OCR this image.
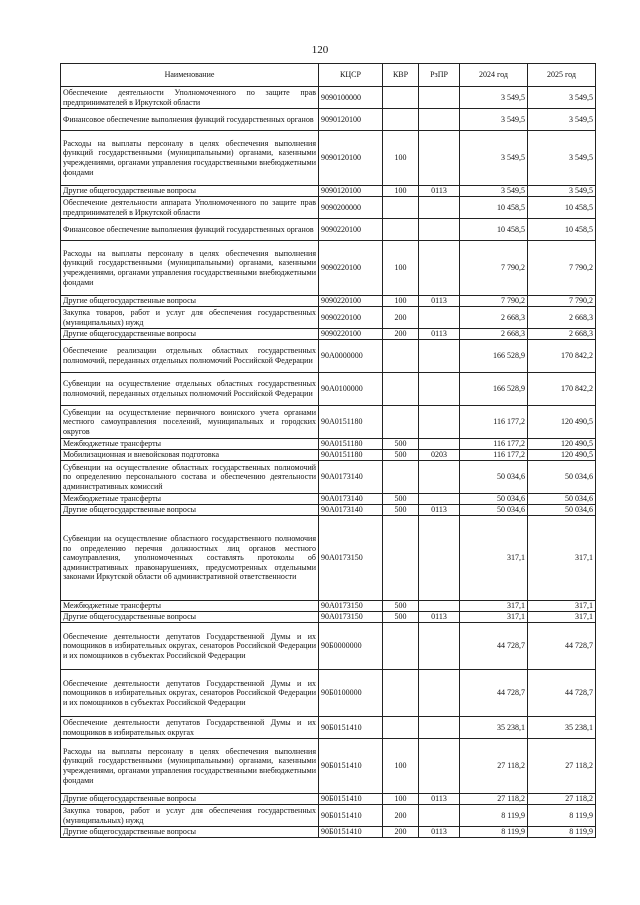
120
Наименование	КЦСР	КВР	РзПР	2024 год	2025 год
Обеспечение деятельности Уполномоченного по защите прав предпринимателей в Иркутской области	9090100000			3 549,5	3 549,5
Финансовое обеспечение выполнения функций государственных органов	9090120100			3 549,5	3 549,5
Расходы на выплаты персоналу в целях обеспечения выполнения функций государственными (муниципальными) органами, казенными учреждениями, органами управления государственными внебюджетными фондами	9090120100	100		3 549,5	3 549,5
Другие общегосударственные вопросы	9090120100	100	0113	3 549,5	3 549,5
Обеспечение деятельности аппарата Уполномоченного по защите прав предпринимателей в Иркутской области	9090200000			10 458,5	10 458,5
Финансовое обеспечение выполнения функций государственных органов	9090220100			10 458,5	10 458,5
Расходы на выплаты персоналу в целях обеспечения выполнения функций государственными (муниципальными) органами, казенными учреждениями, органами управления государственными внебюджетными фондами	9090220100	100		7 790,2	7 790,2
Другие общегосударственные вопросы	9090220100	100	0113	7 790,2	7 790,2
Закупка товаров, работ и услуг для обеспечения государственных (муниципальных) нужд	9090220100	200		2 668,3	2 668,3
Другие общегосударственные вопросы	9090220100	200	0113	2 668,3	2 668,3
Обеспечение реализации отдельных областных государственных полномочий, переданных отдельных полномочий Российской Федерации	90А0000000			166 528,9	170 842,2
Субвенции на осуществление отдельных областных государственных полномочий, переданных отдельных полномочий Российской Федерации	90А0100000			166 528,9	170 842,2
Субвенции на осуществление первичного воинского учета органами местного самоуправления поселений, муниципальных и городских округов	90А0151180			116 177,2	120 490,5
Межбюджетные трансферты	90А0151180	500		116 177,2	120 490,5
Мобилизационная и вневойсковая подготовка	90А0151180	500	0203	116 177,2	120 490,5
Субвенции на осуществление областных государственных полномочий по определению персонального состава и обеспечению деятельности административных комиссий	90А0173140			50 034,6	50 034,6
Межбюджетные трансферты	90А0173140	500		50 034,6	50 034,6
Другие общегосударственные вопросы	90А0173140	500	0113	50 034,6	50 034,6
Субвенции на осуществление областного государственного полномочия по определению перечня должностных лиц органов местного самоуправления, уполномоченных составлять протоколы об административных правонарушениях, предусмотренных отдельными законами Иркутской области об административной ответственности	90А0173150			317,1	317,1
Межбюджетные трансферты	90А0173150	500		317,1	317,1
Другие общегосударственные вопросы	90А0173150	500	0113	317,1	317,1
Обеспечение деятельности депутатов Государственной Думы и их помощников в избирательных округах, сенаторов Российской Федерации и их помощников в субъектах Российской Федерации	90Б0000000			44 728,7	44 728,7
Обеспечение деятельности депутатов Государственной Думы и их помощников в избирательных округах, сенаторов Российской Федерации и их помощников в субъектах Российской Федерации	90Б0100000			44 728,7	44 728,7
Обеспечение деятельности депутатов Государственной Думы и их помощников в избирательных округах	90Б0151410			35 238,1	35 238,1
Расходы на выплаты персоналу в целях обеспечения выполнения функций государственными (муниципальными) органами, казенными учреждениями, органами управления государственными внебюджетными фондами	90Б0151410	100		27 118,2	27 118,2
Другие общегосударственные вопросы	90Б0151410	100	0113	27 118,2	27 118,2
Закупка товаров, работ и услуг для обеспечения государственных (муниципальных) нужд	90Б0151410	200		8 119,9	8 119,9
Другие общегосударственные вопросы	90Б0151410	200	0113	8 119,9	8 119,9
